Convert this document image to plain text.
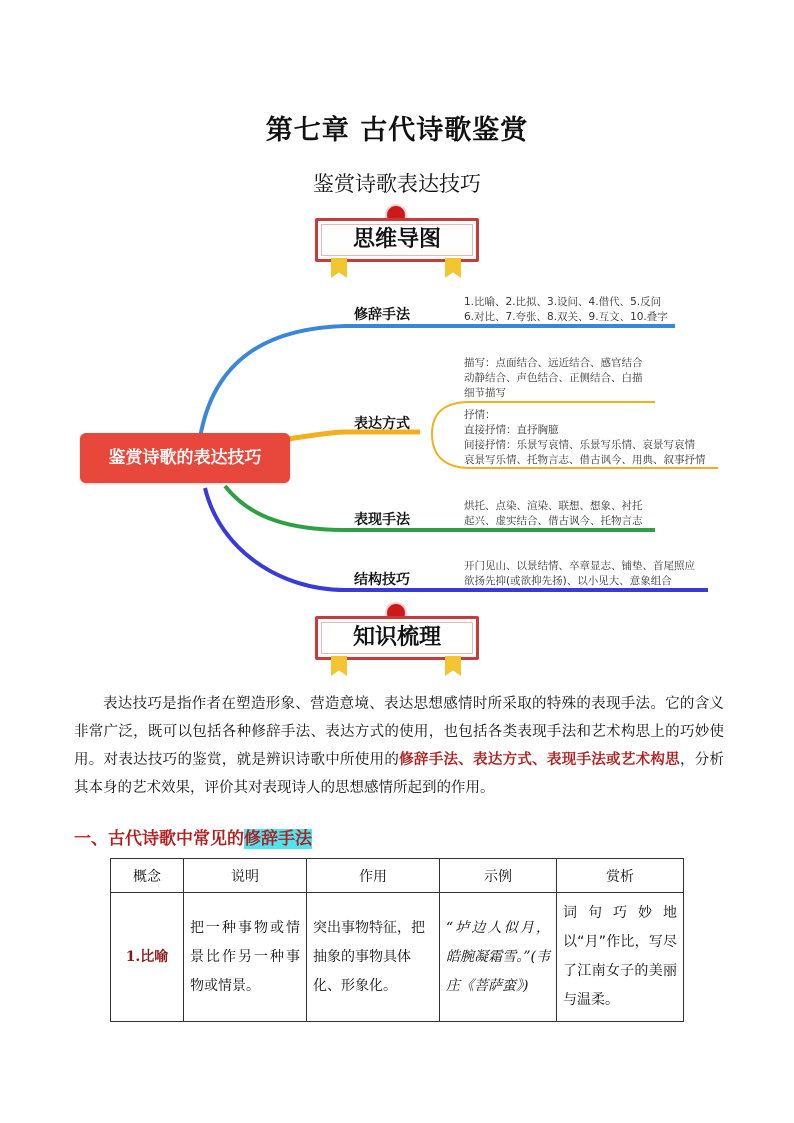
第七章 古代诗歌鉴赏
鉴赏诗歌表达技巧
思维导图
鉴赏诗歌的表达技巧
修辞手法
1.比喻、2.比拟、3.设问、4.借代、5.反问
6.对比、7.夸张、8.双关、9.互文、10.叠字
表达方式
描写：点面结合、远近结合、感官结合
动静结合、声色结合、正侧结合、白描
细节描写
抒情：
直接抒情：直抒胸臆
间接抒情：乐景写哀情、乐景写乐情、哀景写哀情
哀景写乐情、托物言志、借古讽今、用典、叙事抒情
表现手法
烘托、点染、渲染、联想、想象、衬托
起兴、虚实结合、借古讽今、托物言志
结构技巧
开门见山、以景结情、卒章显志、铺垫、首尾照应
欲扬先抑(或欲抑先扬)、以小见大、意象组合
知识梳理
表达技巧是指作者在塑造形象、营造意境、表达思想感情时所采取的特殊的表现手法。它的含义非常广泛，既可以包括各种修辞手法、表达方式的使用，也包括各类表现手法和艺术构思上的巧妙使用。对表达技巧的鉴赏，就是辨识诗歌中所使用的修辞手法、表达方式、表现手法或艺术构思，分析其本身的艺术效果，评价其对表现诗人的思想感情所起到的作用。
一、古代诗歌中常见的修辞手法
概念	说明	作用	示例	赏析
1.比喻	把一种事物或情景比作另一种事物或情景。	突出事物特征，把抽象的事物具体化、形象化。	“垆边人似月，皓腕凝霜雪。”(韦庄《菩萨蛮》)	词句巧妙地以“月”作比，写尽了江南女子的美丽与温柔。
